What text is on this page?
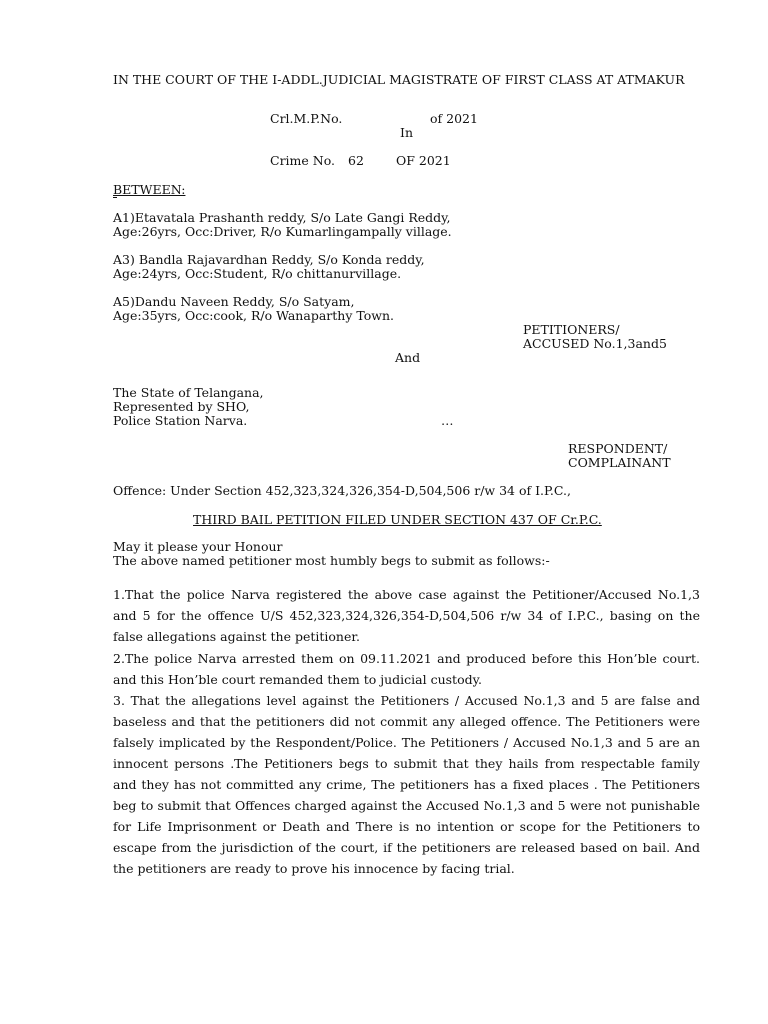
IN THE COURT OF THE I-ADDL.JUDICIAL MAGISTRATE OF FIRST CLASS AT ATMAKUR
Crl.M.P.No.	of 2021
In
Crime No. 62	OF 2021
BETWEEN:
A1)Etavatala Prashanth reddy, S/o Late Gangi Reddy,
Age:26yrs, Occ:Driver, R/o Kumarlingampally village.
A3) Bandla Rajavardhan Reddy, S/o Konda reddy,
Age:24yrs, Occ:Student, R/o chittanurvillage.
A5)Dandu Naveen Reddy, S/o Satyam,
Age:35yrs, Occ:cook, R/o Wanaparthy Town.
PETITIONERS/
ACCUSED No.1,3and5
And
The State of Telangana,
Represented by SHO,
Police Station Narva.	…
RESPONDENT/
COMPLAINANT
Offence: Under Section 452,323,324,326,354-D,504,506 r/w 34 of I.P.C.,
THIRD BAIL PETITION FILED UNDER SECTION 437 OF Cr.P.C.
May it please your Honour
The above named petitioner most humbly begs to submit as follows:-
1.That the police Narva registered the above case against the Petitioner/Accused No.1,3 and 5 for the offence U/S 452,323,324,326,354-D,504,506 r/w 34 of I.P.C., basing on the false allegations against the petitioner.
2.The police Narva arrested them on 09.11.2021 and produced before this Hon’ble court. and this Hon’ble court remanded them to judicial custody.
3. That the allegations level against the Petitioners / Accused No.1,3 and 5 are false and baseless and that the petitioners did not commit any alleged offence. The Petitioners were falsely implicated by the Respondent/Police. The Petitioners / Accused No.1,3 and 5 are an innocent persons .The Petitioners begs to submit that they hails from respectable family and they has not committed any crime, The petitioners has a fixed places . The Petitioners beg to submit that Offences charged against the Accused No.1,3 and 5 were not punishable for Life Imprisonment or Death and There is no intention or scope for the Petitioners to escape from the jurisdiction of the court, if the petitioners are released based on bail. And the petitioners are ready to prove his innocence by facing trial.
